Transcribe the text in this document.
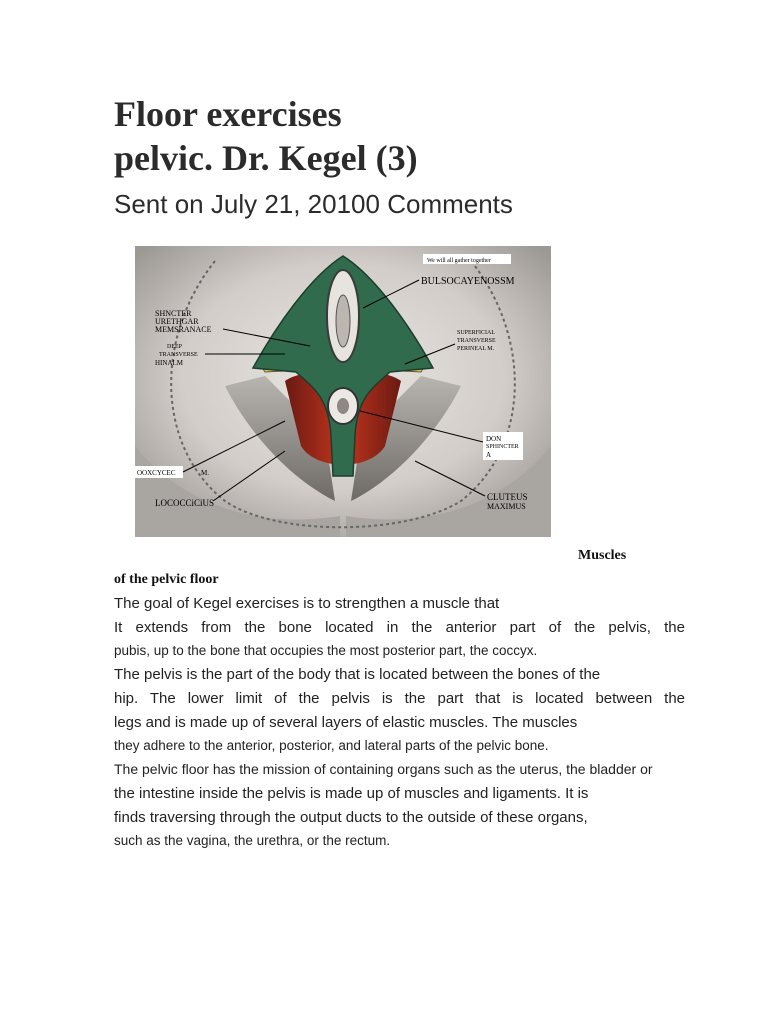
Floor exercises
pelvic. Dr. Kegel (3)
Sent on July 21, 20100 Comments
We will all gather together
BULSOCAYENOSSM
SHNCTER
URETHGAR
MEMSRANACE
DEEP
TRANSVERSE
HINALM
SUPERFICIAL
TRANSVERSE
PERINEAL M.
DON
SPHINCTER
A
OOXCYCEC	M.
LOCOCCiCiUS
CLUTEUS
MAXIMUS
Muscles
of the pelvic floor
The goal of Kegel exercises is to strengthen a muscle that
It extends from the bone located in the anterior part of the pelvis, the
pubis, up to the bone that occupies the most posterior part, the coccyx.
The pelvis is the part of the body that is located between the bones of the
hip. The lower limit of the pelvis is the part that is located between the
legs and is made up of several layers of elastic muscles. The muscles
they adhere to the anterior, posterior, and lateral parts of the pelvic bone.
The pelvic floor has the mission of containing organs such as the uterus, the bladder or
the intestine inside the pelvis is made up of muscles and ligaments. It is
finds traversing through the output ducts to the outside of these organs,
such as the vagina, the urethra, or the rectum.
